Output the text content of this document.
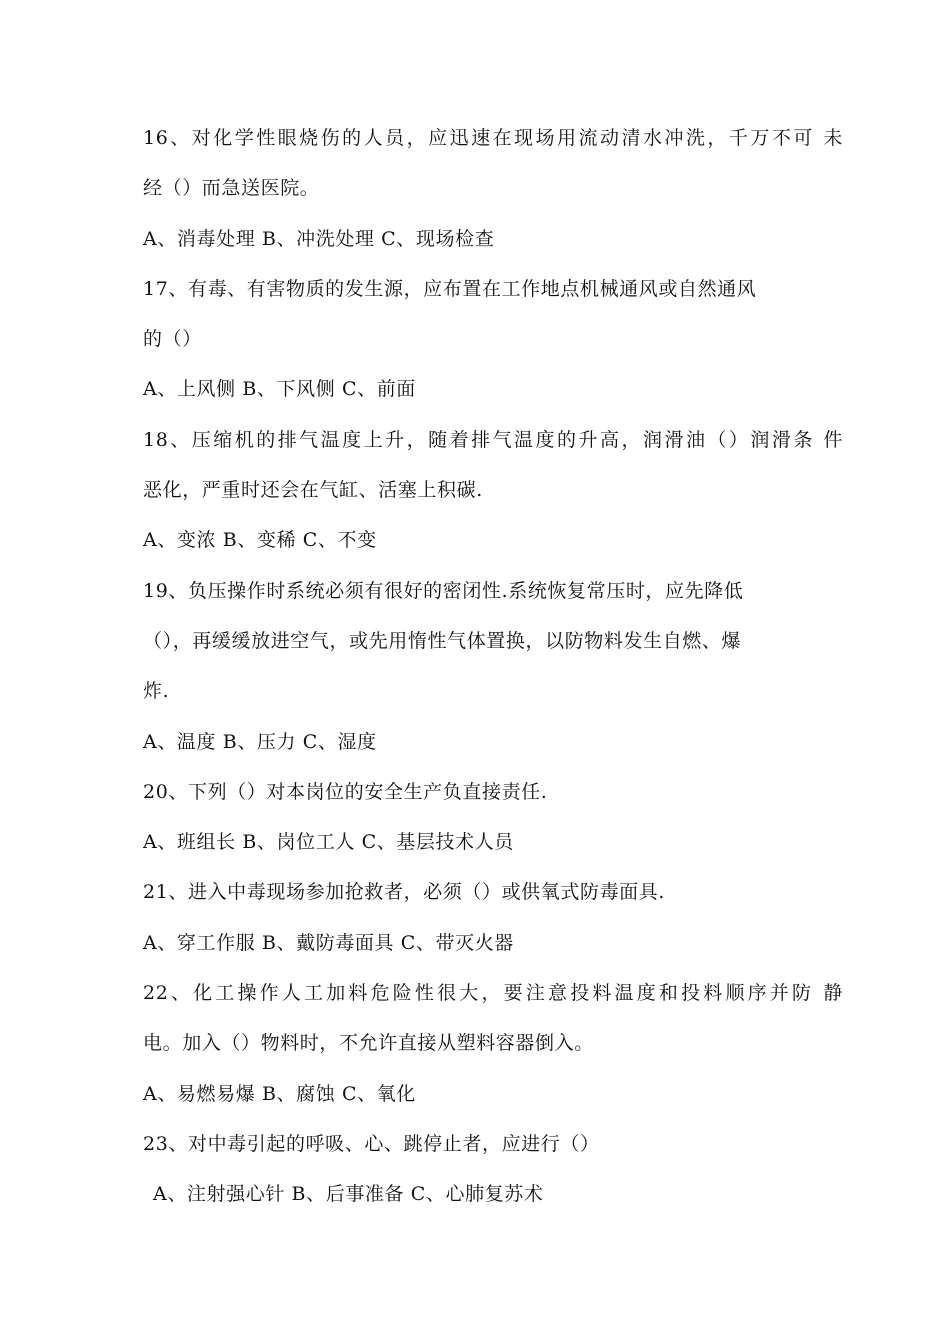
16、对化学性眼烧伤的人员，应迅速在现场用流动清水冲洗，千万不可 未
经（）而急送医院。
A、消毒处理 B、冲洗处理 C、现场检查
17、有毒、有害物质的发生源，应布置在工作地点机械通风或自然通风
的（）
A、上风侧 B、下风侧 C、前面
18、压缩机的排气温度上升，随着排气温度的升高，润滑油（）润滑条 件
恶化，严重时还会在气缸、活塞上积碳.
A、变浓 B、变稀 C、不变
19、负压操作时系统必须有很好的密闭性.系统恢复常压时，应先降低
（），再缓缓放进空气，或先用惰性气体置换，以防物料发生自燃、爆
炸.
A、温度 B、压力 C、湿度
20、下列（）对本岗位的安全生产负直接责任.
A、班组长 B、岗位工人 C、基层技术人员
21、进入中毒现场参加抢救者，必须（）或供氧式防毒面具.
A、穿工作服 B、戴防毒面具 C、带灭火器
22、化工操作人工加料危险性很大，要注意投料温度和投料顺序并防 静
电。加入（）物料时，不允许直接从塑料容器倒入。
A、易燃易爆 B、腐蚀 C、氧化
23、对中毒引起的呼吸、心、跳停止者，应进行（）
A、注射强心针 B、后事准备 C、心肺复苏术
